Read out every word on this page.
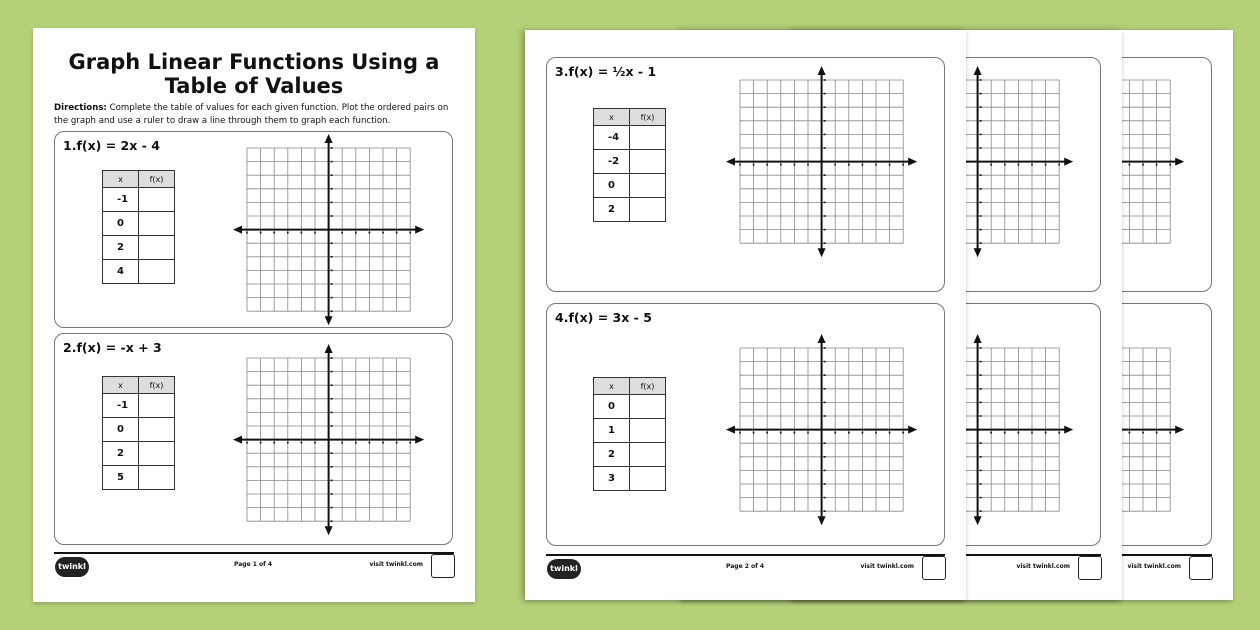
visit twinkl.com
visit twinkl.com
3.f(x) = ½x - 1
x	f(x)
-4	
-2	
0	
2	
4.f(x) = 3x - 5
x	f(x)
0	
1	
2	
3	
twinkl	Page 2 of 4	visit twinkl.com
Graph Linear Functions Using a
Table of Values
Directions: Complete the table of values for each given function. Plot the ordered pairs on the graph and use a ruler to draw a line through them to graph each function.
1.f(x) = 2x - 4
x	f(x)
-1	
0	
2	
4	
2.f(x) = -x + 3
x	f(x)
-1	
0	
2	
5	
twinkl	Page 1 of 4	visit twinkl.com
